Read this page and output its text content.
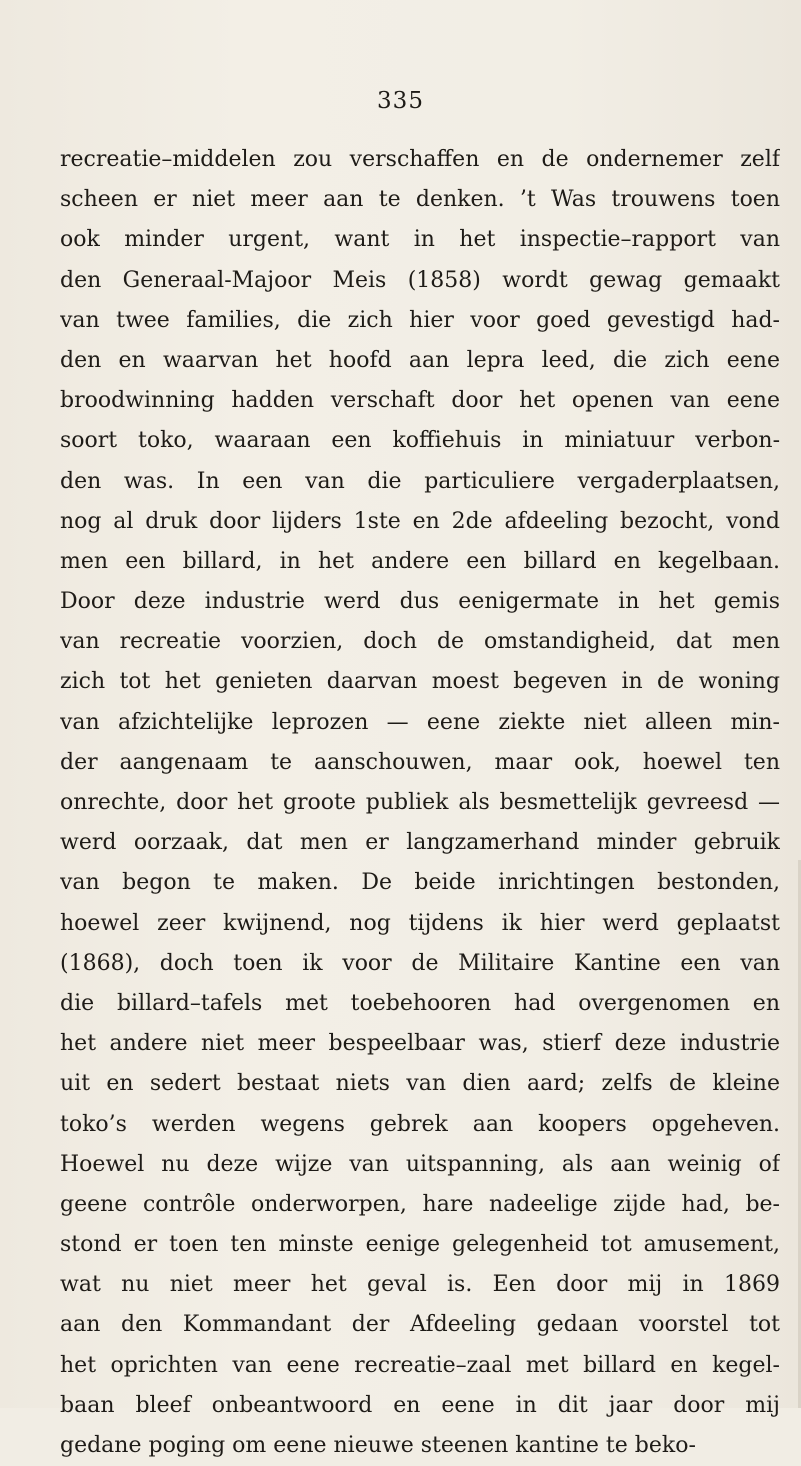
335
recreatie–middelen zou verschaffen en de ondernemer zelf
scheen er niet meer aan te denken. ’t Was trouwens toen
ook minder urgent, want in het inspectie–rapport van
den Generaal-Majoor Meis (1858) wordt gewag gemaakt
van twee families, die zich hier voor goed gevestigd had-
den en waarvan het hoofd aan lepra leed, die zich eene
broodwinning hadden verschaft door het openen van eene
soort toko, waaraan een koffiehuis in miniatuur verbon-
den was. In een van die particuliere vergaderplaatsen,
nog al druk door lijders 1ste en 2de afdeeling bezocht, vond
men een billard, in het andere een billard en kegelbaan.
Door deze industrie werd dus eenigermate in het gemis
van recreatie voorzien, doch de omstandigheid, dat men
zich tot het genieten daarvan moest begeven in de woning
van afzichtelijke leprozen — eene ziekte niet alleen min-
der aangenaam te aanschouwen, maar ook, hoewel ten
onrechte, door het groote publiek als besmettelijk gevreesd —
werd oorzaak, dat men er langzamerhand minder gebruik
van begon te maken. De beide inrichtingen bestonden,
hoewel zeer kwijnend, nog tijdens ik hier werd geplaatst
(1868), doch toen ik voor de Militaire Kantine een van
die billard–tafels met toebehooren had overgenomen en
het andere niet meer bespeelbaar was, stierf deze industrie
uit en sedert bestaat niets van dien aard; zelfs de kleine
toko’s werden wegens gebrek aan koopers opgeheven.
Hoewel nu deze wijze van uitspanning, als aan weinig of
geene contrôle onderworpen, hare nadeelige zijde had, be-
stond er toen ten minste eenige gelegenheid tot amusement,
wat nu niet meer het geval is. Een door mij in 1869
aan den Kommandant der Afdeeling gedaan voorstel tot
het oprichten van eene recreatie–zaal met billard en kegel-
baan bleef onbeantwoord en eene in dit jaar door mij
gedane poging om eene nieuwe steenen kantine te beko-
